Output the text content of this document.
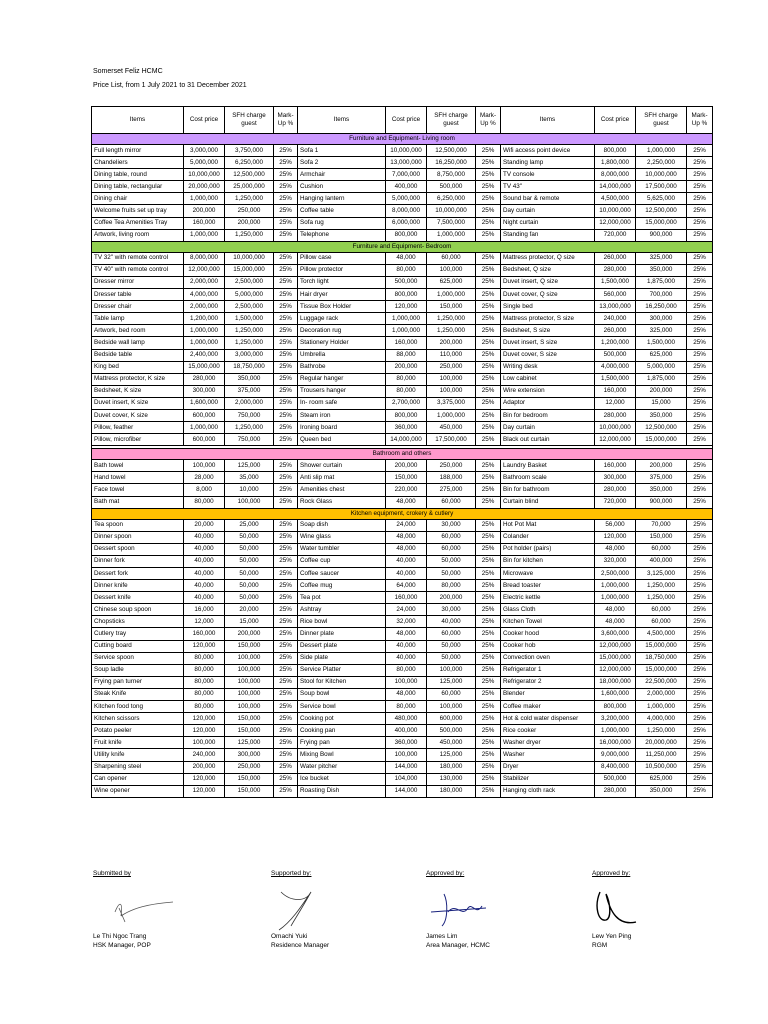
Somerset Feliz HCMC
Price List, from 1 July 2021 to 31 December 2021
Items	Cost price	SFH charge guest	Mark-Up %	Items	Cost price	SFH charge guest	Mark-Up %	Items	Cost price	SFH charge guest	Mark-Up %
Furniture and Equipment- Living room											
Full length mirror	3,000,000	3,750,000	25%	Sofa 1	10,000,000	12,500,000	25%	Wifi access point device	800,000	1,000,000	25%
Chandeliers	5,000,000	6,250,000	25%	Sofa 2	13,000,000	16,250,000	25%	Standing lamp	1,800,000	2,250,000	25%
Dining table, round	10,000,000	12,500,000	25%	Armchair	7,000,000	8,750,000	25%	TV console	8,000,000	10,000,000	25%
Dining table, rectangular	20,000,000	25,000,000	25%	Cushion	400,000	500,000	25%	TV 43"	14,000,000	17,500,000	25%
Dining chair	1,000,000	1,250,000	25%	Hanging lantern	5,000,000	6,250,000	25%	Sound bar & remote	4,500,000	5,625,000	25%
Welcome fruits set up tray	200,000	250,000	25%	Coffee table	8,000,000	10,000,000	25%	Day curtain	10,000,000	12,500,000	25%
Coffee Tea Amenities Tray	160,000	200,000	25%	Sofa rug	6,000,000	7,500,000	25%	Night curtain	12,000,000	15,000,000	25%
Artwork, living room	1,000,000	1,250,000	25%	Telephone	800,000	1,000,000	25%	Standing fan	720,000	900,000	25%
Furniture and Equipment- Bedroom											
TV 32" with remote control	8,000,000	10,000,000	25%	Pillow case	48,000	60,000	25%	Mattress protector, Q size	260,000	325,000	25%
TV 40" with remote control	12,000,000	15,000,000	25%	Pillow protector	80,000	100,000	25%	Bedsheet, Q size	280,000	350,000	25%
Dresser mirror	2,000,000	2,500,000	25%	Torch light	500,000	625,000	25%	Duvet insert, Q size	1,500,000	1,875,000	25%
Dresser table	4,000,000	5,000,000	25%	Hair dryer	800,000	1,000,000	25%	Duvet cover, Q size	560,000	700,000	25%
Dresser chair	2,000,000	2,500,000	25%	Tissue Box Holder	120,000	150,000	25%	Single bed	13,000,000	16,250,000	25%
Table lamp	1,200,000	1,500,000	25%	Luggage rack	1,000,000	1,250,000	25%	Mattress protector, S size	240,000	300,000	25%
Artwork, bed room	1,000,000	1,250,000	25%	Decoration rug	1,000,000	1,250,000	25%	Bedsheet, S size	260,000	325,000	25%
Bedside wall lamp	1,000,000	1,250,000	25%	Stationery Holder	160,000	200,000	25%	Duvet insert, S size	1,200,000	1,500,000	25%
Bedside table	2,400,000	3,000,000	25%	Umbrella	88,000	110,000	25%	Duvet cover, S size	500,000	625,000	25%
King bed	15,000,000	18,750,000	25%	Bathrobe	200,000	250,000	25%	Writing desk	4,000,000	5,000,000	25%
Mattress protector, K size	280,000	350,000	25%	Regular hanger	80,000	100,000	25%	Low cabinet	1,500,000	1,875,000	25%
Bedsheet, K size	300,000	375,000	25%	Trousers hanger	80,000	100,000	25%	Wire extension	160,000	200,000	25%
Duvet insert, K size	1,600,000	2,000,000	25%	In- room safe	2,700,000	3,375,000	25%	Adaptor	12,000	15,000	25%
Duvet cover, K size	600,000	750,000	25%	Steam iron	800,000	1,000,000	25%	Bin for bedroom	280,000	350,000	25%
Pillow, feather	1,000,000	1,250,000	25%	Ironing board	360,000	450,000	25%	Day curtain	10,000,000	12,500,000	25%
Pillow, microfiber	600,000	750,000	25%	Queen bed	14,000,000	17,500,000	25%	Black out curtain	12,000,000	15,000,000	25%

Bathroom and others											
Bath towel	100,000	125,000	25%	Shower curtain	200,000	250,000	25%	Laundry Basket	160,000	200,000	25%
Hand towel	28,000	35,000	25%	Anti slip mat	150,000	188,000	25%	Bathroom scale	300,000	375,000	25%
Face towel	8,000	10,000	25%	Amenities chest	220,000	275,000	25%	Bin for bathroom	280,000	350,000	25%
Bath mat	80,000	100,000	25%	Rock Glass	48,000	60,000	25%	Curtain blind	720,000	900,000	25%
Kitchen equipment, crokery & cutlery											
Tea spoon	20,000	25,000	25%	Soap dish	24,000	30,000	25%	Hot Pot Mat	56,000	70,000	25%
Dinner spoon	40,000	50,000	25%	Wine glass	48,000	60,000	25%	Colander	120,000	150,000	25%
Dessert spoon	40,000	50,000	25%	Water tumbler	48,000	60,000	25%	Pot holder (pairs)	48,000	60,000	25%
Dinner fork	40,000	50,000	25%	Coffee cup	40,000	50,000	25%	Bin for kitchen	320,000	400,000	25%
Dessert fork	40,000	50,000	25%	Coffee saucer	40,000	50,000	25%	Microwave	2,500,000	3,125,000	25%
Dinner knife	40,000	50,000	25%	Coffee mug	64,000	80,000	25%	Bread toaster	1,000,000	1,250,000	25%
Dessert knife	40,000	50,000	25%	Tea pot	160,000	200,000	25%	Electric kettle	1,000,000	1,250,000	25%
Chinese soup spoon	16,000	20,000	25%	Ashtray	24,000	30,000	25%	Glass Cloth	48,000	60,000	25%
Chopsticks	12,000	15,000	25%	Rice bowl	32,000	40,000	25%	Kitchen Towel	48,000	60,000	25%
Cutlery tray	160,000	200,000	25%	Dinner plate	48,000	60,000	25%	Cooker hood	3,600,000	4,500,000	25%
Cutting board	120,000	150,000	25%	Dessert plate	40,000	50,000	25%	Cooker hob	12,000,000	15,000,000	25%
Service spoon	80,000	100,000	25%	Side plate	40,000	50,000	25%	Convection oven	15,000,000	18,750,000	25%
Soup ladle	80,000	100,000	25%	Service Platter	80,000	100,000	25%	Refrigerator 1	12,000,000	15,000,000	25%
Frying pan turner	80,000	100,000	25%	Stool for Kitchen	100,000	125,000	25%	Refrigerator 2	18,000,000	22,500,000	25%
Steak Knife	80,000	100,000	25%	Soup bowl	48,000	60,000	25%	Blender	1,600,000	2,000,000	25%
Kitchen food tong	80,000	100,000	25%	Service bowl	80,000	100,000	25%	Coffee maker	800,000	1,000,000	25%
Kitchen scissors	120,000	150,000	25%	Cooking pot	480,000	600,000	25%	Hot & cold water dispenser	3,200,000	4,000,000	25%
Potato peeler	120,000	150,000	25%	Cooking pan	400,000	500,000	25%	Rice cooker	1,000,000	1,250,000	25%
Fruit knife	100,000	125,000	25%	Frying pan	360,000	450,000	25%	Washer dryer	16,000,000	20,000,000	25%
Utility knife	240,000	300,000	25%	Mixing Bowl	100,000	125,000	25%	Washer	9,000,000	11,250,000	25%
Sharpening steel	200,000	250,000	25%	Water pitcher	144,000	180,000	25%	Dryer	8,400,000	10,500,000	25%
Can opener	120,000	150,000	25%	Ice bucket	104,000	130,000	25%	Stabilizer	500,000	625,000	25%
Wine opener	120,000	150,000	25%	Roasting Dish	144,000	180,000	25%	Hanging cloth rack	280,000	350,000	25%
Submitted by
Le Thi Ngoc Trang
HSK Manager, POP
Supported by:
Omachi Yuki
Residence Manager
Approved by:
James Lim
Area Manager, HCMC
Approved by:
Lew Yen Ping
RGM
